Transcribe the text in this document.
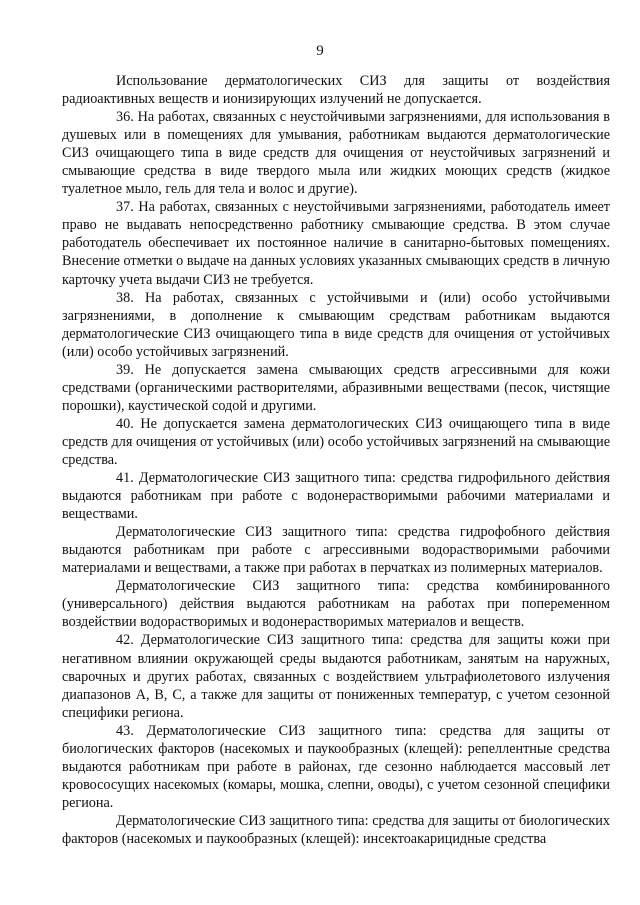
9

Использование дерматологических СИЗ для защиты от воздействия радиоактивных веществ и ионизирующих излучений не допускается.

36. На работах, связанных с неустойчивыми загрязнениями, для использования в душевых или в помещениях для умывания, работникам выдаются дерматологические СИЗ очищающего типа в виде средств для очищения от неустойчивых загрязнений и смывающие средства в виде твердого мыла или жидких моющих средств (жидкое туалетное мыло, гель для тела и волос и другие).

37. На работах, связанных с неустойчивыми загрязнениями, работодатель имеет право не выдавать непосредственно работнику смывающие средства. В этом случае работодатель обеспечивает их постоянное наличие в санитарно-бытовых помещениях. Внесение отметки о выдаче на данных условиях указанных смывающих средств в личную карточку учета выдачи СИЗ не требуется.

38. На работах, связанных с устойчивыми и (или) особо устойчивыми загрязнениями, в дополнение к смывающим средствам работникам выдаются дерматологические СИЗ очищающего типа в виде средств для очищения от устойчивых (или) особо устойчивых загрязнений.

39. Не допускается замена смывающих средств агрессивными для кожи средствами (органическими растворителями, абразивными веществами (песок, чистящие порошки), каустической содой и другими.

40. Не допускается замена дерматологических СИЗ очищающего типа в виде средств для очищения от устойчивых (или) особо устойчивых загрязнений на смывающие средства.

41. Дерматологические СИЗ защитного типа: средства гидрофильного действия выдаются работникам при работе с водонерастворимыми рабочими материалами и веществами.

Дерматологические СИЗ защитного типа: средства гидрофобного действия выдаются работникам при работе с агрессивными водорастворимыми рабочими материалами и веществами, а также при работах в перчатках из полимерных материалов.

Дерматологические СИЗ защитного типа: средства комбинированного (универсального) действия выдаются работникам на работах при попеременном воздействии водорастворимых и водонерастворимых материалов и веществ.

42. Дерматологические СИЗ защитного типа: средства для защиты кожи при негативном влиянии окружающей среды выдаются работникам, занятым на наружных, сварочных и других работах, связанных с воздействием ультрафиолетового излучения диапазонов А, В, С, а также для защиты от пониженных температур, с учетом сезонной специфики региона.

43. Дерматологические СИЗ защитного типа: средства для защиты от биологических факторов (насекомых и паукообразных (клещей): репеллентные средства выдаются работникам при работе в районах, где сезонно наблюдается массовый лет кровососущих насекомых (комары, мошка, слепни, оводы), с учетом сезонной специфики региона.

Дерматологические СИЗ защитного типа: средства для защиты от биологических факторов (насекомых и паукообразных (клещей): инсектоакарицидные средства
